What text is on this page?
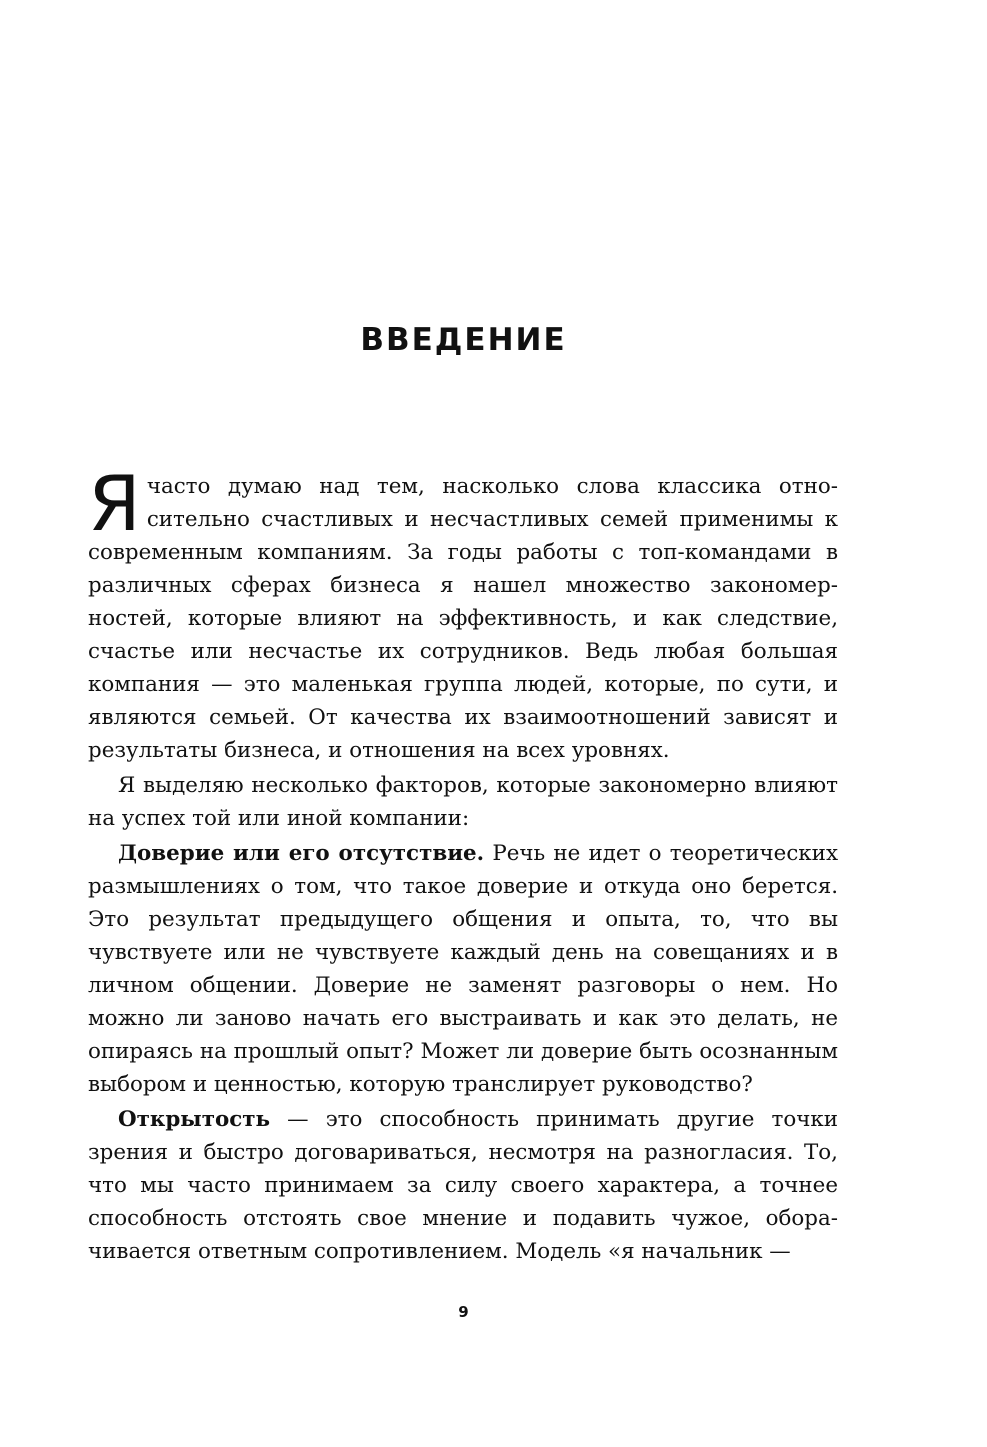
ВВЕДЕНИЕ

Я часто думаю над тем, насколько слова классика относительно счастливых и несчастливых семей применимы к современным компаниям. За годы работы с топ-командами в различных сферах бизнеса я нашел множество закономерностей, которые влияют на эффективность, и как следствие, счастье или несчастье их сотрудников. Ведь любая большая компания — это маленькая группа людей, которые, по сути, и являются семьей. От качества их взаимоотношений зависят и результаты бизнеса, и отношения на всех уровнях.

Я выделяю несколько факторов, которые закономерно влияют на успех той или иной компании:

Доверие или его отсутствие. Речь не идет о теоретических размышлениях о том, что такое доверие и откуда оно берется. Это результат предыдущего общения и опыта, то, что вы чувствуете или не чувствуете каждый день на совещаниях и в личном общении. Доверие не заменят разговоры о нем. Но можно ли заново начать его выстраивать и как это делать, не опираясь на прошлый опыт? Может ли доверие быть осознанным выбором и ценностью, которую транслирует руководство?

Открытость — это способность принимать другие точки зрения и быстро договариваться, несмотря на разногласия. То, что мы часто принимаем за силу своего характера, а точнее способность отстоять свое мнение и подавить чужое, оборачивается ответным сопротивлением. Модель «я начальник —

9
